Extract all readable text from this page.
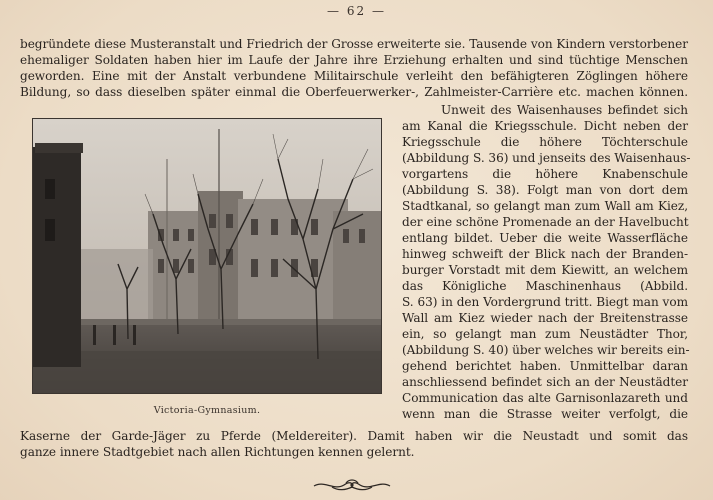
— 62 —
begründete diese Musteranstalt und Friedrich der Grosse erweiterte sie. Tausende von Kindern verstorbener
ehemaliger Soldaten haben hier im Laufe der Jahre ihre Erziehung erhalten und sind tüchtige Menschen
geworden. Eine mit der Anstalt verbundene Militairschule verleiht den befähigteren Zöglingen höhere
Bildung, so dass dieselben später einmal die Oberfeuerwerker-, Zahlmeister-Carrière etc. machen können.
Victoria-Gymnasium.
Unweit des Waisenhauses befindet sich
am Kanal die Kriegsschule. Dicht neben der
Kriegsschule die höhere Töchterschule
(Abbildung S. 36) und jenseits des Waisenhaus-
vorgartens die höhere Knabenschule
(Abbildung S. 38). Folgt man von dort dem
Stadtkanal, so gelangt man zum Wall am Kiez,
der eine schöne Promenade an der Havelbucht
entlang bildet. Ueber die weite Wasserfläche
hinweg schweift der Blick nach der Branden-
burger Vorstadt mit dem Kiewitt, an welchem
das Königliche Maschinenhaus (Abbild.
S. 63) in den Vordergrund tritt. Biegt man vom
Wall am Kiez wieder nach der Breitenstrasse
ein, so gelangt man zum Neustädter Thor,
(Abbildung S. 40) über welches wir bereits ein-
gehend berichtet haben. Unmittelbar daran
anschliessend befindet sich an der Neustädter
Communication das alte Garnisonlazareth und
wenn man die Strasse weiter verfolgt, die
Kaserne der Garde-Jäger zu Pferde (Meldereiter). Damit haben wir die Neustadt und somit das
ganze innere Stadtgebiet nach allen Richtungen kennen gelernt.
